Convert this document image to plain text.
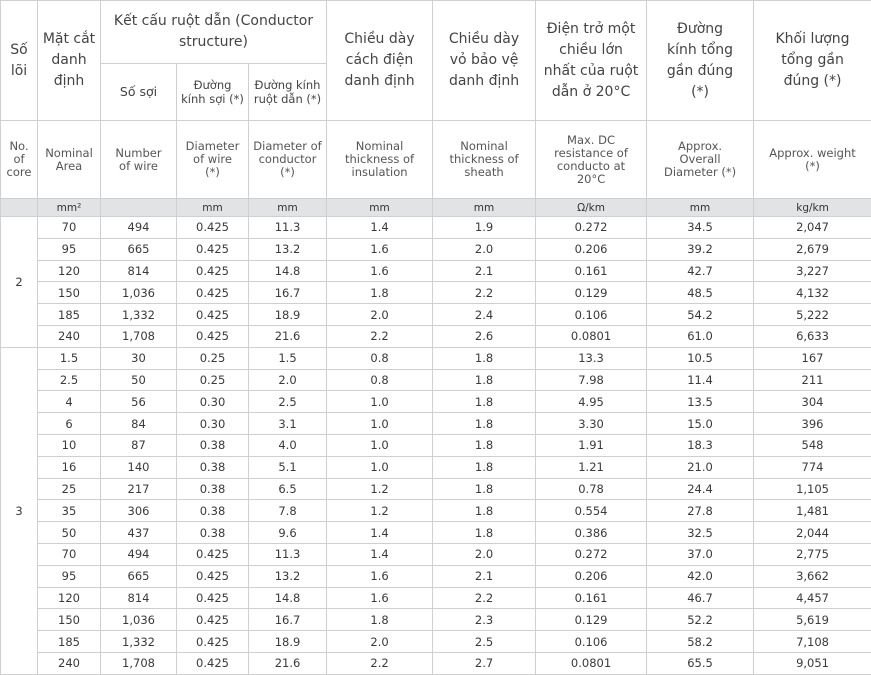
Số lõi	Mặt cắt danh định	Kết cấu ruột dẫn (Conductor structure)			Chiều dày cách điện danh định	Chiều dày vỏ bảo vệ danh định	Điện trở một chiều lớn nhất của ruột dẫn ở 20°C	Đường kính tổng gần đúng (*)	Khối lượng tổng gần đúng (*)
		Số sợi	Đường kính sợi (*)	Đường kính ruột dẫn (*)					
No. of core	Nominal Area	Number of wire	Diameter of wire (*)	Diameter of conductor (*)	Nominal thickness of insulation	Nominal thickness of sheath	Max. DC resistance of conducto at 20°C	Approx. Overall Diameter (*)	Approx. weight (*)
	mm²		mm	mm	mm	mm	Ω/km	mm	kg/km
2	70	494	0.425	11.3	1.4	1.9	0.272	34.5	2,047
	95	665	0.425	13.2	1.6	2.0	0.206	39.2	2,679
	120	814	0.425	14.8	1.6	2.1	0.161	42.7	3,227
	150	1,036	0.425	16.7	1.8	2.2	0.129	48.5	4,132
	185	1,332	0.425	18.9	2.0	2.4	0.106	54.2	5,222
	240	1,708	0.425	21.6	2.2	2.6	0.0801	61.0	6,633
3	1.5	30	0.25	1.5	0.8	1.8	13.3	10.5	167
	2.5	50	0.25	2.0	0.8	1.8	7.98	11.4	211
	4	56	0.30	2.5	1.0	1.8	4.95	13.5	304
	6	84	0.30	3.1	1.0	1.8	3.30	15.0	396
	10	87	0.38	4.0	1.0	1.8	1.91	18.3	548
	16	140	0.38	5.1	1.0	1.8	1.21	21.0	774
	25	217	0.38	6.5	1.2	1.8	0.78	24.4	1,105
	35	306	0.38	7.8	1.2	1.8	0.554	27.8	1,481
	50	437	0.38	9.6	1.4	1.8	0.386	32.5	2,044
	70	494	0.425	11.3	1.4	2.0	0.272	37.0	2,775
	95	665	0.425	13.2	1.6	2.1	0.206	42.0	3,662
	120	814	0.425	14.8	1.6	2.2	0.161	46.7	4,457
	150	1,036	0.425	16.7	1.8	2.3	0.129	52.2	5,619
	185	1,332	0.425	18.9	2.0	2.5	0.106	58.2	7,108
	240	1,708	0.425	21.6	2.2	2.7	0.0801	65.5	9,051
